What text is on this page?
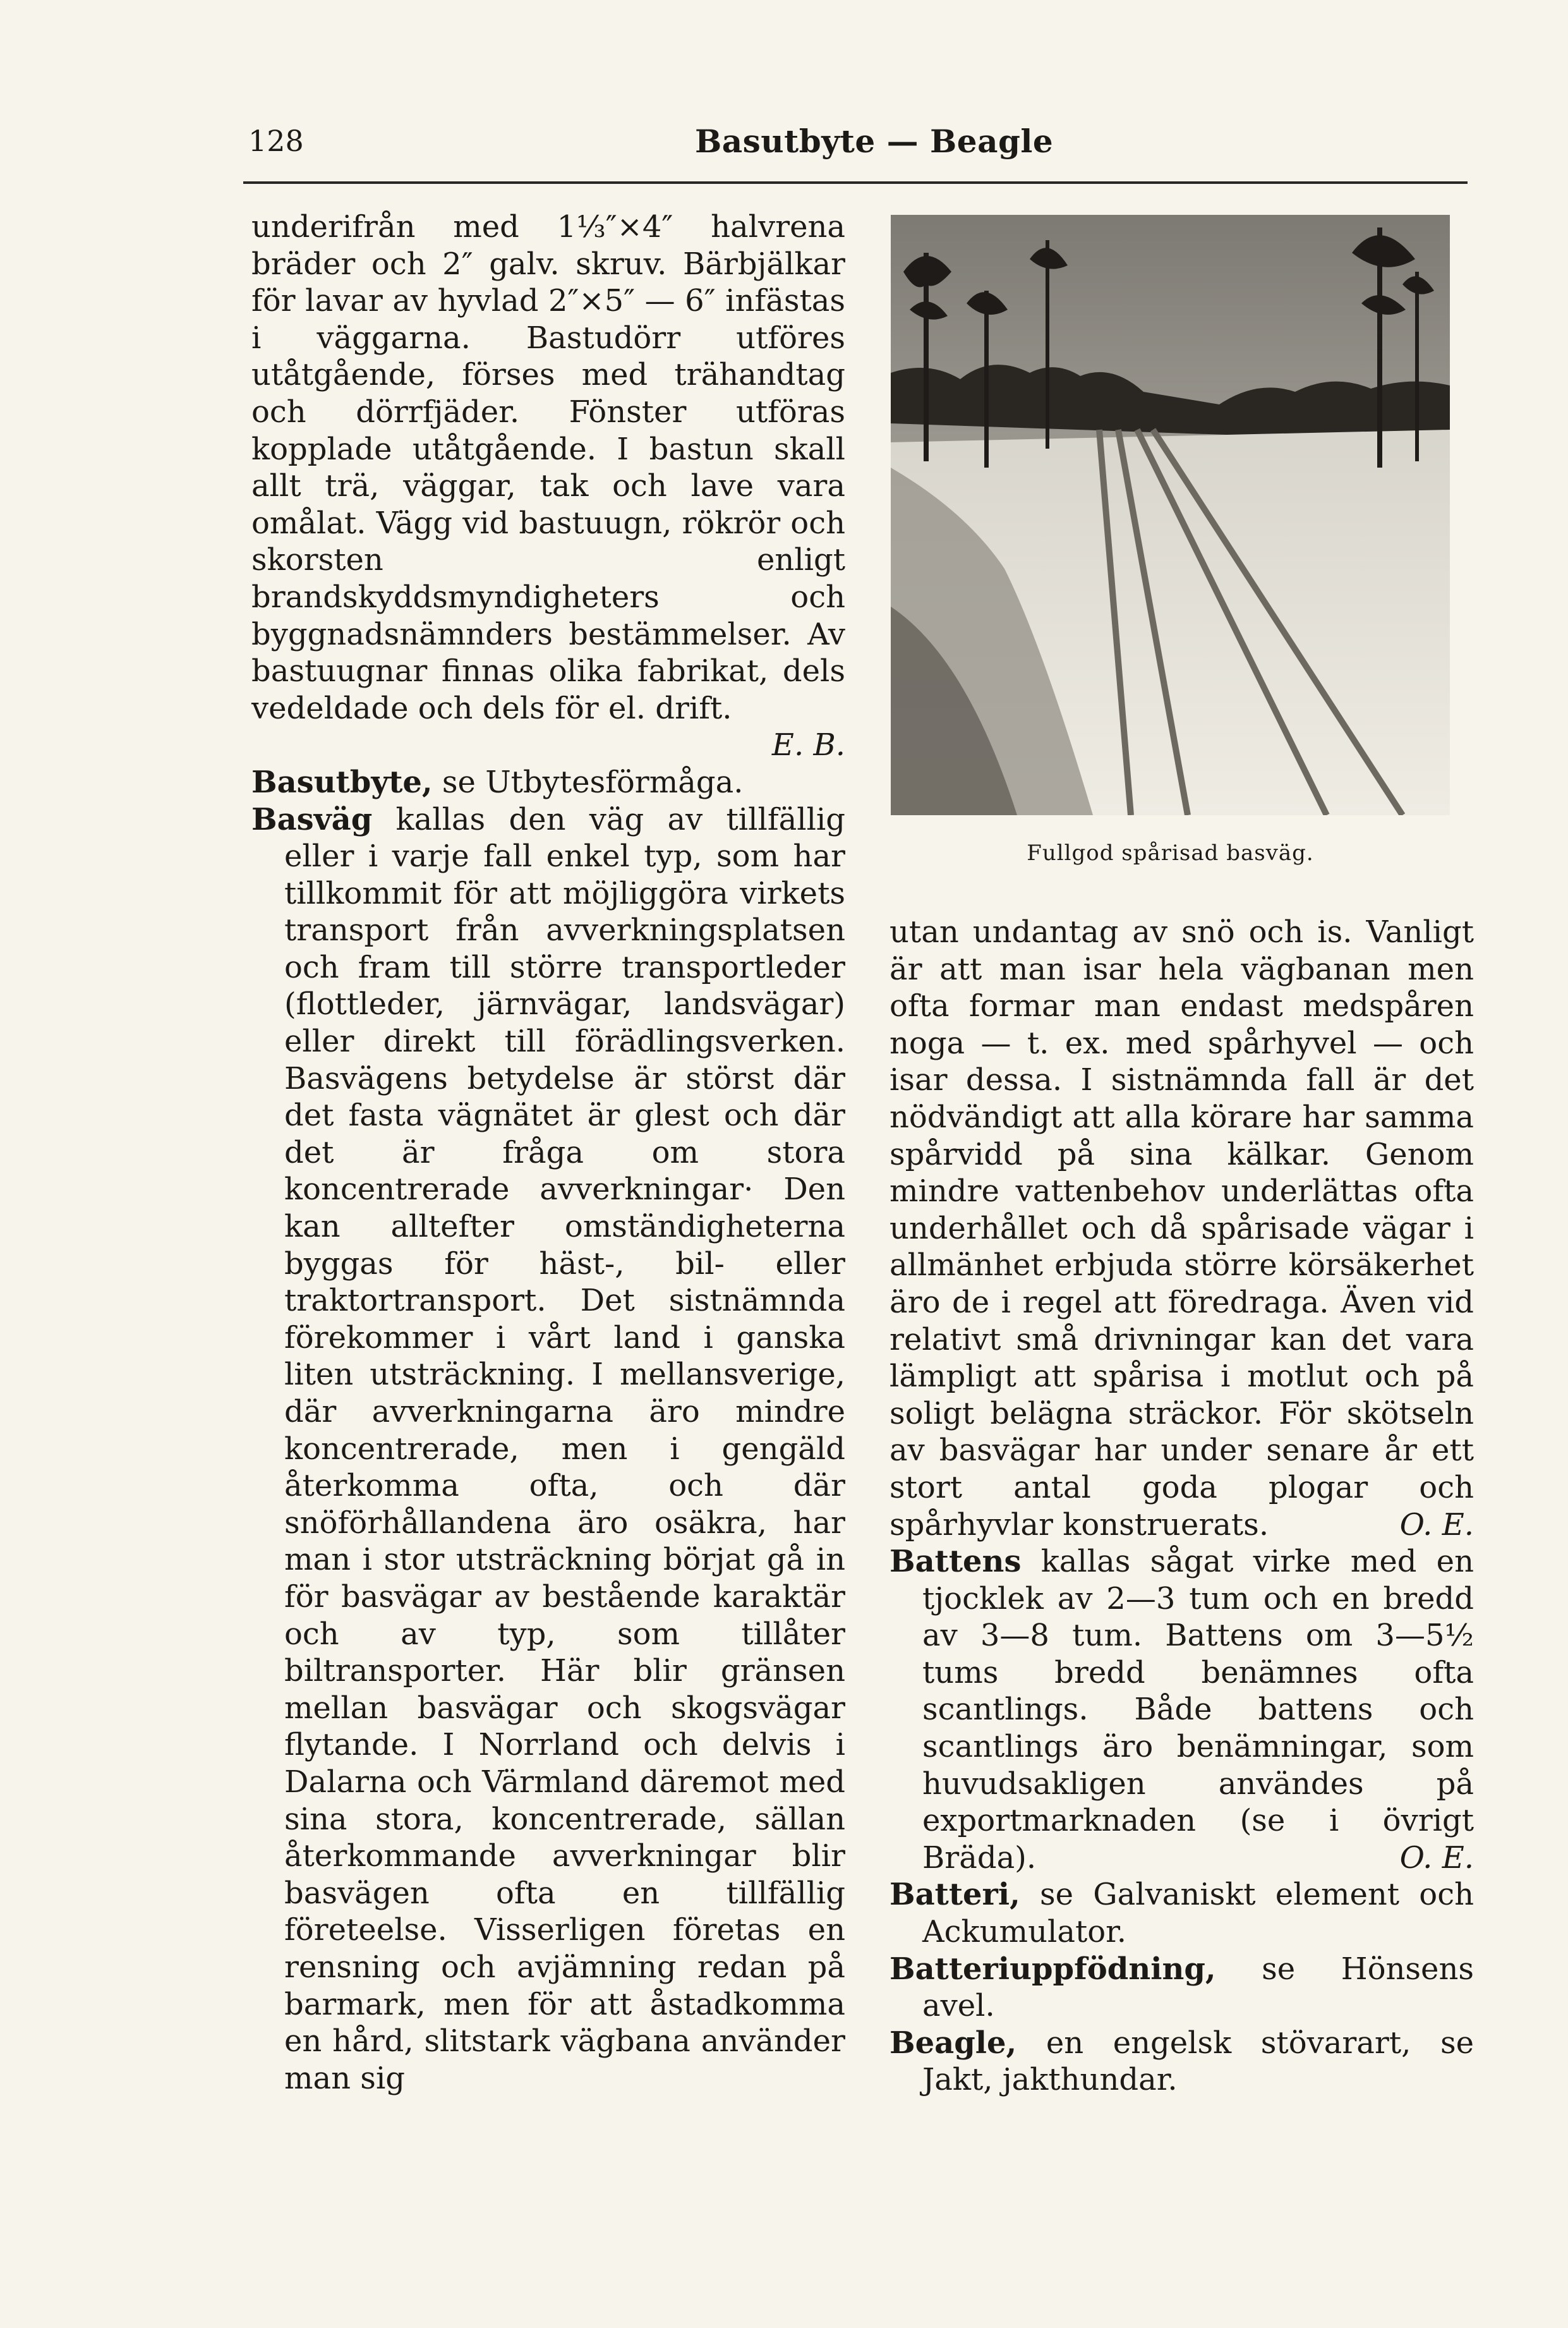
128	Basutbyte — Beagle

underifrån med 1⅓″×4″ halvrena bräder och 2″ galv. skruv. Bärbjälkar för lavar av hyvlad 2″×5″ — 6″ infästas i väggarna. Bastudörr utföres utåtgående, förses med trähandtag och dörrfjäder. Fönster utföras kopplade utåtgående. I bastun skall allt trä, väggar, tak och lave vara omålat. Vägg vid bastuugn, rökrör och skorsten enligt brandskyddsmyndigheters och byggnadsnämnders bestämmelser. Av bastuugnar finnas olika fabrikat, dels vedeldade och dels för el. drift.
E. B.

Basutbyte, se Utbytesförmåga.

Basväg kallas den väg av tillfällig eller i varje fall enkel typ, som har tillkommit för att möjliggöra virkets transport från avverkningsplatsen och fram till större transportleder (flottleder, järnvägar, landsvägar) eller direkt till förädlingsverken. Basvägens betydelse är störst där det fasta vägnätet är glest och där det är fråga om stora koncentrerade avverkningar· Den kan alltefter omständigheterna byggas för häst-, bil- eller traktortransport. Det sistnämnda förekommer i vårt land i ganska liten utsträckning. I mellansverige, där avverkningarna äro mindre koncentrerade, men i gengäld återkomma ofta, och där snöförhållandena äro osäkra, har man i stor utsträckning börjat gå in för basvägar av bestående karaktär och av typ, som tillåter biltransporter. Här blir gränsen mellan basvägar och skogsvägar flytande. I Norrland och delvis i Dalarna och Värmland däremot med sina stora, koncentrerade, sällan återkommande avverkningar blir basvägen ofta en tillfällig företeelse. Visserligen företas en rensning och avjämning redan på barmark, men för att åstadkomma en hård, slitstark vägbana använder man sig

Fullgod spårisad basväg.

utan undantag av snö och is. Vanligt är att man isar hela vägbanan men ofta formar man endast medspåren noga — t. ex. med spårhyvel — och isar dessa. I sistnämnda fall är det nödvändigt att alla körare har samma spårvidd på sina kälkar. Genom mindre vattenbehov underlättas ofta underhållet och då spårisade vägar i allmänhet erbjuda större körsäkerhet äro de i regel att föredraga. Även vid relativt små drivningar kan det vara lämpligt att spårisa i motlut och på soligt belägna sträckor. För skötseln av basvägar har under senare år ett stort antal goda plogar och spårhyvlar konstruerats.	O. E.

Battens kallas sågat virke med en tjocklek av 2—3 tum och en bredd av 3—8 tum. Battens om 3—5½ tums bredd benämnes ofta scantlings. Både battens och scantlings äro benämningar, som huvudsakligen användes på exportmarknaden (se i övrigt Bräda).	O. E.

Batteri, se Galvaniskt element och Ackumulator.

Batteriuppfödning, se Hönsens avel.

Beagle, en engelsk stövarart, se Jakt, jakthundar.
